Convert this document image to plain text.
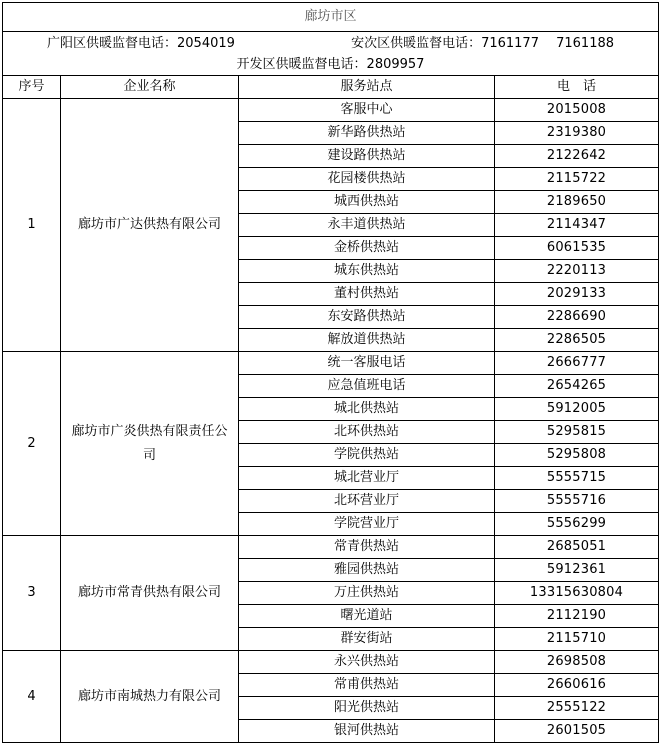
廊坊市区			

广阳区供暖监督电话：2054019 安次区供暖监督电话：7161177　 7161188			

开发区供暖监督电话：2809957			
序号	企业名称	服务站点	电　话
1	廊坊市广达供热有限公司	客服中心	2015008
		新华路供热站	2319380
		建设路供热站	2122642
		花园楼供热站	2115722
		城西供热站	2189650
		永丰道供热站	2114347
		金桥供热站	6061535
		城东供热站	2220113
		董村供热站	2029133
		东安路供热站	2286690
		解放道供热站	2286505
2	廊坊市广炎供热有限责任公司	统一客服电话	2666777
		应急值班电话	2654265
		城北供热站	5912005
		北环供热站	5295815
		学院供热站	5295808
		城北营业厅	5555715
		北环营业厅	5555716
		学院营业厅	5556299
3	廊坊市常青供热有限公司	常青供热站	2685051
		雅园供热站	5912361
		万庄供热站	13315630804
		曙光道站	2112190
		群安街站	2115710
4	廊坊市南城热力有限公司	永兴供热站	2698508
		常甫供热站	2660616
		阳光供热站	2555122
		银河供热站	2601505
